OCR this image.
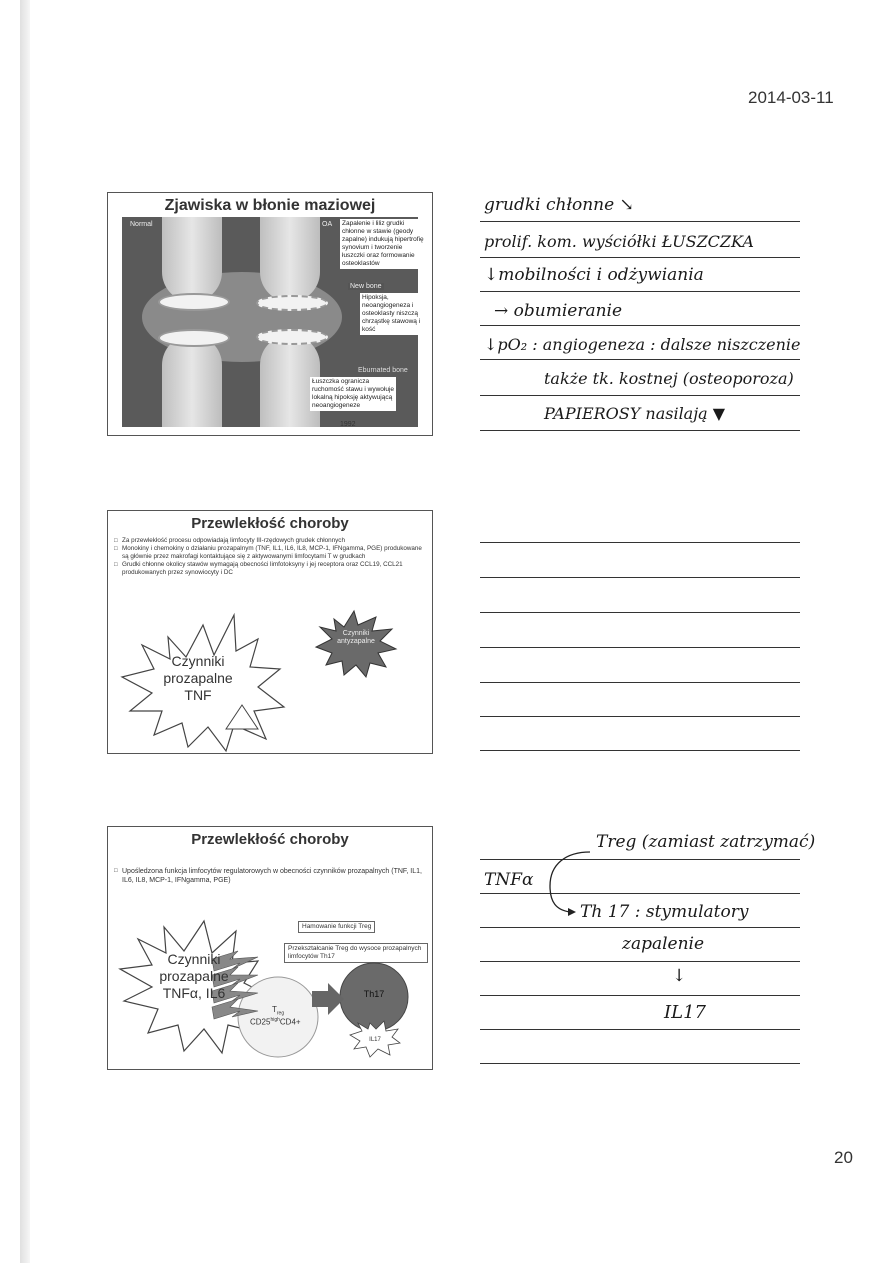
2014-03-11
Zjawiska w błonie maziowej
Normal	OA
Eburnated bone
Zapalenie i liliz grudki chłonne w stawie (geody zapalne) indukują hipertrofię synovium i tworzenie łuszczki oraz formowanie osteoklastów
New bone
Hipoksja, neoangiogeneza i osteoklasty niszczą chrząstkę stawową i kość
Łuszczka ogranicza ruchomość stawu i wywołuje lokalną hipoksję aktywującą neoangiogeneze
1992
grudki chłonne ↘
prolif. kom. wyściółki ŁUSZCZKA
↓mobilności i odżywiania
→ obumieranie
↓pO₂ : angiogeneza : dalsze niszczenie
także tk. kostnej (osteoporoza)
PAPIEROSY nasilają ▼
Przewlekłość choroby
□ Za przewlekłość procesu odpowiadają limfocyty III-rzędowych grudek chłonnych
□ Monokiny i chemokiny o działaniu prozapalnym (TNF, IL1, IL6, IL8, MCP-1, IFNgamma, PGE) produkowane są głównie przez makrofagi kontaktujące się z aktywowanymi limfocytami T w grudkach
□ Grudki chłonne okolicy stawów wymagają obecności limfotoksyny i jej receptora oraz CCL19, CCL21 produkowanych przez synowiocyty i DC
Czynniki
prozapalne
TNF
Czynniki
antyzapalne
Przewlekłość choroby
□ Upośledzona funkcja limfocytów regulatorowych w obecności czynników prozapalnych (TNF, IL1, IL6, IL8, MCP-1, IFNgamma, PGE)
Hamowanie funkcji Treg
Przekształcanie Treg do wysoce prozapalnych limfocytów Th17
Czynniki
prozapalne
TNFα, IL6
$T_{reg}$
$CD25^{high}CD4+$
Th17
IL17
Treg (zamiast zatrzymać)
TNFα
Th 17 : stymulatory
zapalenie
↓
IL17
20
